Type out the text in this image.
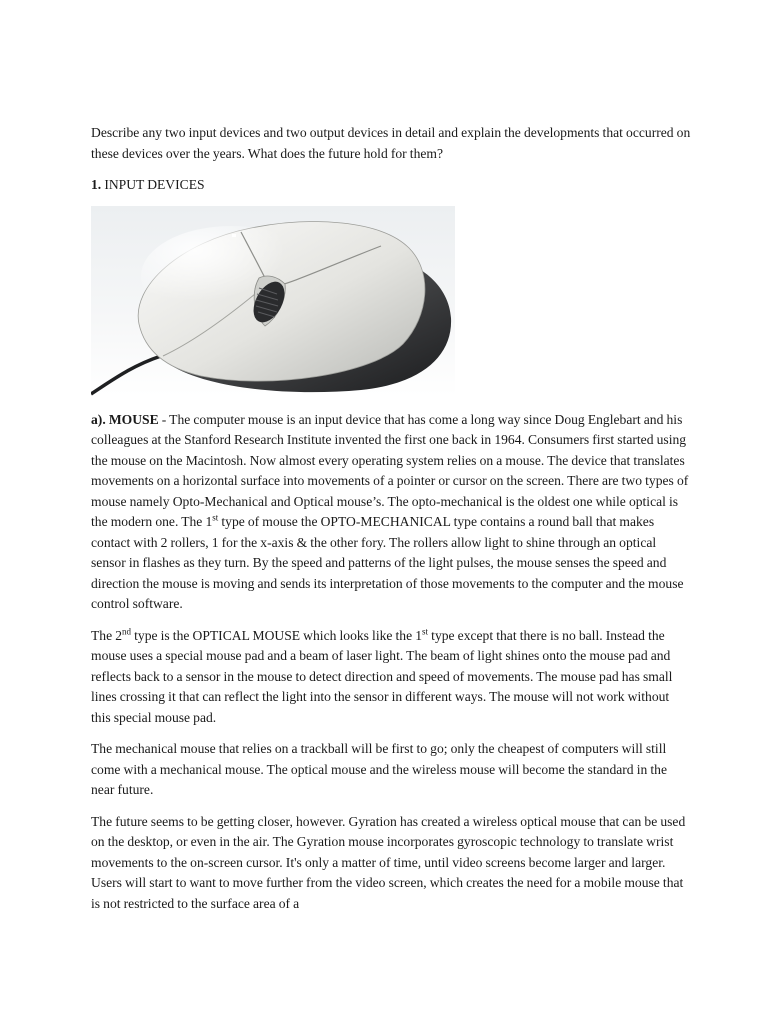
Describe any two input devices and two output devices in detail and explain the developments that occurred on these devices over the years. What does the future hold for them?

1. INPUT DEVICES

a). MOUSE - The computer mouse is an input device that has come a long way since Doug Englebart and his colleagues at the Stanford Research Institute invented the first one back in 1964. Consumers first started using the mouse on the Macintosh. Now almost every operating system relies on a mouse. The device that translates movements on a horizontal surface into movements of a pointer or cursor on the screen. There are two types of mouse namely Opto-Mechanical and Optical mouse’s. The opto-mechanical is the oldest one while optical is the modern one. The 1st type of mouse the OPTO-MECHANICAL type contains a round ball that makes contact with 2 rollers, 1 for the x-axis & the other fory. The rollers allow light to shine through an optical sensor in flashes as they turn. By the speed and patterns of the light pulses, the mouse senses the speed and direction the mouse is moving and sends its interpretation of those movements to the computer and the mouse control software.

The 2nd type is the OPTICAL MOUSE which looks like the 1st type except that there is no ball. Instead the mouse uses a special mouse pad and a beam of laser light. The beam of light shines onto the mouse pad and reflects back to a sensor in the mouse to detect direction and speed of movements. The mouse pad has small lines crossing it that can reflect the light into the sensor in different ways. The mouse will not work without this special mouse pad.

The mechanical mouse that relies on a trackball will be first to go; only the cheapest of computers will still come with a mechanical mouse. The optical mouse and the wireless mouse will become the standard in the near future.

The future seems to be getting closer, however. Gyration has created a wireless optical mouse that can be used on the desktop, or even in the air. The Gyration mouse incorporates gyroscopic technology to translate wrist movements to the on-screen cursor. It's only a matter of time, until video screens become larger and larger. Users will start to want to move further from the video screen, which creates the need for a mobile mouse that is not restricted to the surface area of a
